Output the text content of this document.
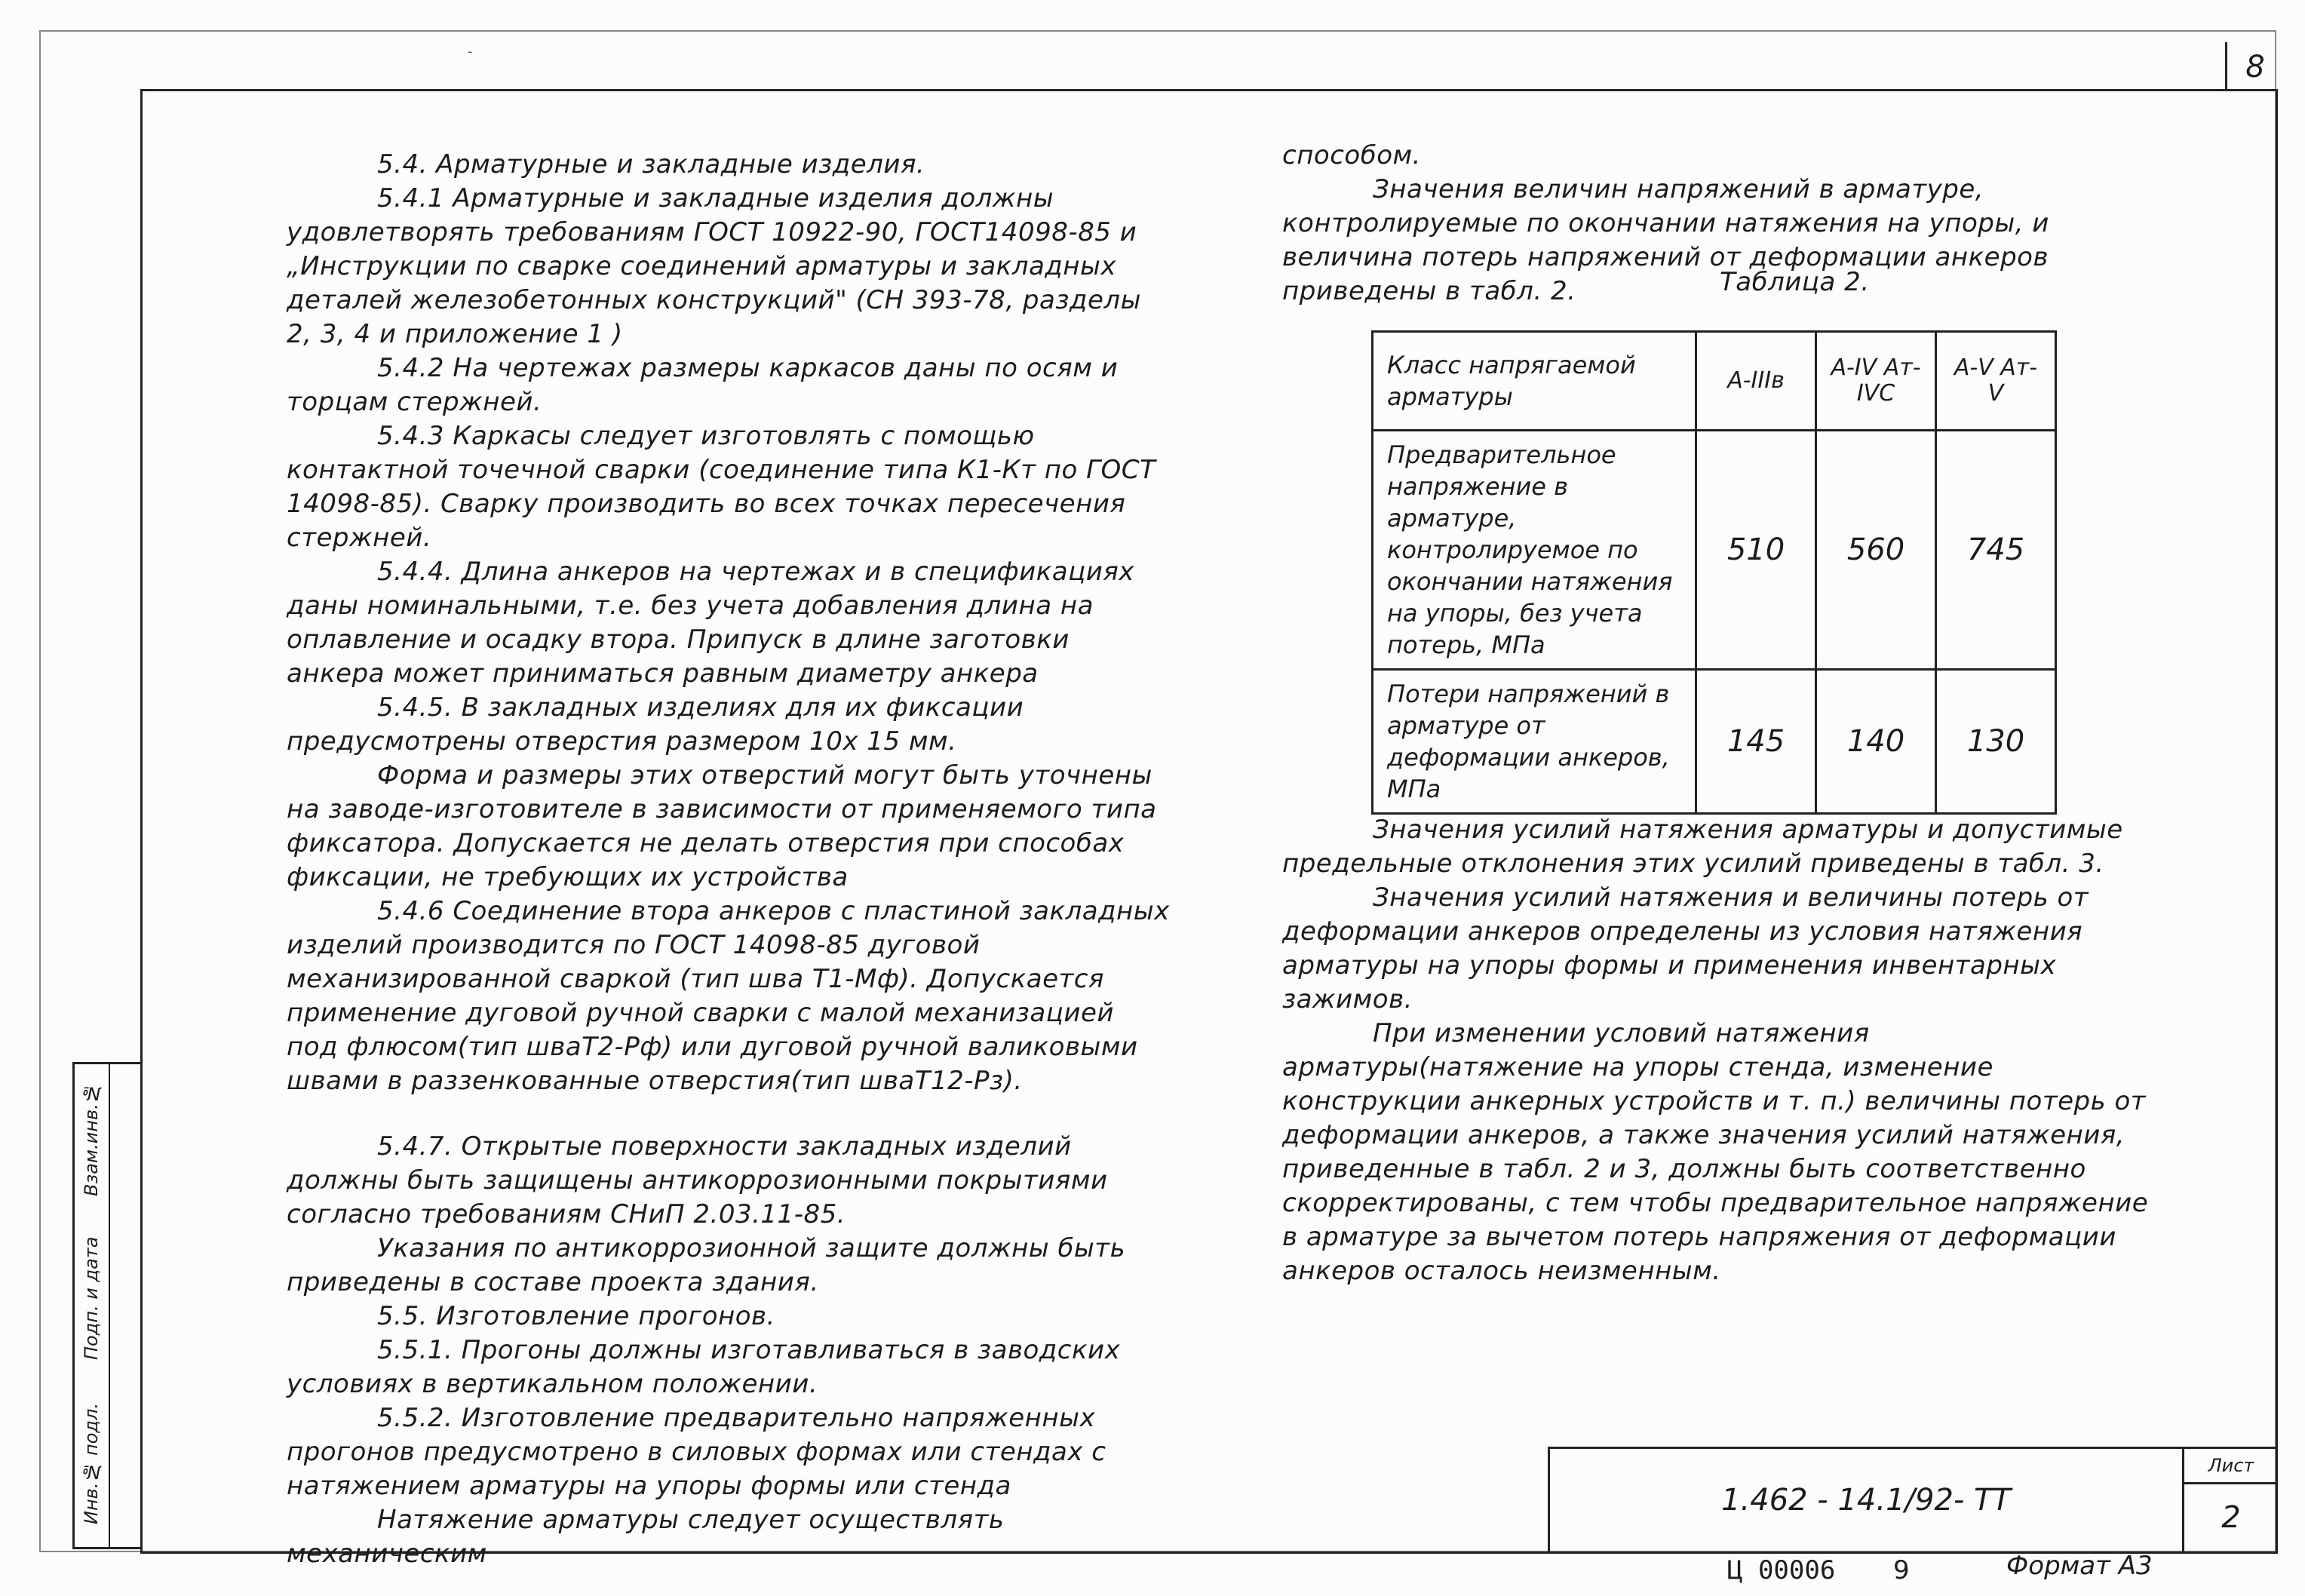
-	8

5.4. Арматурные и закладные изделия.

5.4.1 Арматурные и закладные изделия должны удовлетворять требованиям ГОСТ 10922-90, ГОСТ14098-85 и „Инструкции по сварке соединений арматуры и закладных деталей железобетонных конструкций" (СН 393-78, разделы 2, 3, 4 и приложение 1 )

5.4.2 На чертежах размеры каркасов даны по осям и торцам стержней.

5.4.3 Каркасы следует изготовлять с помощью контактной точечной сварки (соединение типа К1-Кт по ГОСТ 14098-85). Сварку производить во всех точках пересечения стержней.

5.4.4. Длина анкеров на чертежах и в спецификациях даны номинальными, т.е. без учета добавления длина на оплавление и осадку втора. Припуск в длине заготовки анкера может приниматься равным диаметру анкера

5.4.5. В закладных изделиях для их фиксации предусмотрены отверстия размером 10х 15 мм.

Форма и размеры этих отверстий могут быть уточнены на заводе-изготовителе в зависимости от применяемого типа фиксатора. Допускается не делать отверстия при способах фиксации, не требующих их устройства

5.4.6 Соединение втора анкеров с пластиной закладных изделий производится по ГОСТ 14098-85 дуговой механизированной сваркой (тип шва Т1-Мф). Допускается применение дуговой ручной сварки с малой механизацией под флюсом(тип шваТ2-Рф) или дуговой ручной валиковыми швами в раззенкованные отверстия(тип шваТ12-Рз).

5.4.7. Открытые поверхности закладных изделий должны быть защищены антикоррозионными покрытиями согласно требованиям СНиП 2.03.11-85.

Указания по антикоррозионной защите должны быть приведены в составе проекта здания.

5.5. Изготовление прогонов.

5.5.1. Прогоны должны изготавливаться в заводских условиях в вертикальном положении.

5.5.2. Изготовление предварительно напряженных прогонов предусмотрено в силовых формах или стендах с натяжением арматуры на упоры формы или стенда

Натяжение арматуры следует осуществлять механическим

способом.

Значения величин напряжений в арматуре, контролируемые по окончании натяжения на упоры, и величина потерь напряжений от деформации анкеров приведены в табл. 2.	Таблица 2.
Класс напрягаемой арматуры	А-IIIв	А-IV Ат-IVС	А-V Ат-V
Предварительное напряжение в арматуре, контролируемое по окончании натяжения на упоры, без учета потерь, МПа	510	560	745
Потери напряжений в арматуре от деформации анкеров, МПа	145	140	130

Значения усилий натяжения арматуры и допустимые предельные отклонения этих усилий приведены в табл. 3.

Значения усилий натяжения и величины потерь от деформации анкеров определены из условия натяжения арматуры на упоры формы и применения инвентарных зажимов.

При изменении условий натяжения арматуры(натяжение на упоры стенда, изменение конструкции анкерных устройств и т. п.) величины потерь от деформации анкеров, а также значения усилий натяжения, приведенные в табл. 2 и 3, должны быть соответственно скорректированы, с тем чтобы предварительное напряжение в арматуре за вычетом потерь напряжения от деформации анкеров осталось неизменным.

Инв.№ подл.
Подп. и дата
Взам.инв.№
1.462 - 14.1/92- ТТ
Лист
2
Ц 00006 9	Формат А3
